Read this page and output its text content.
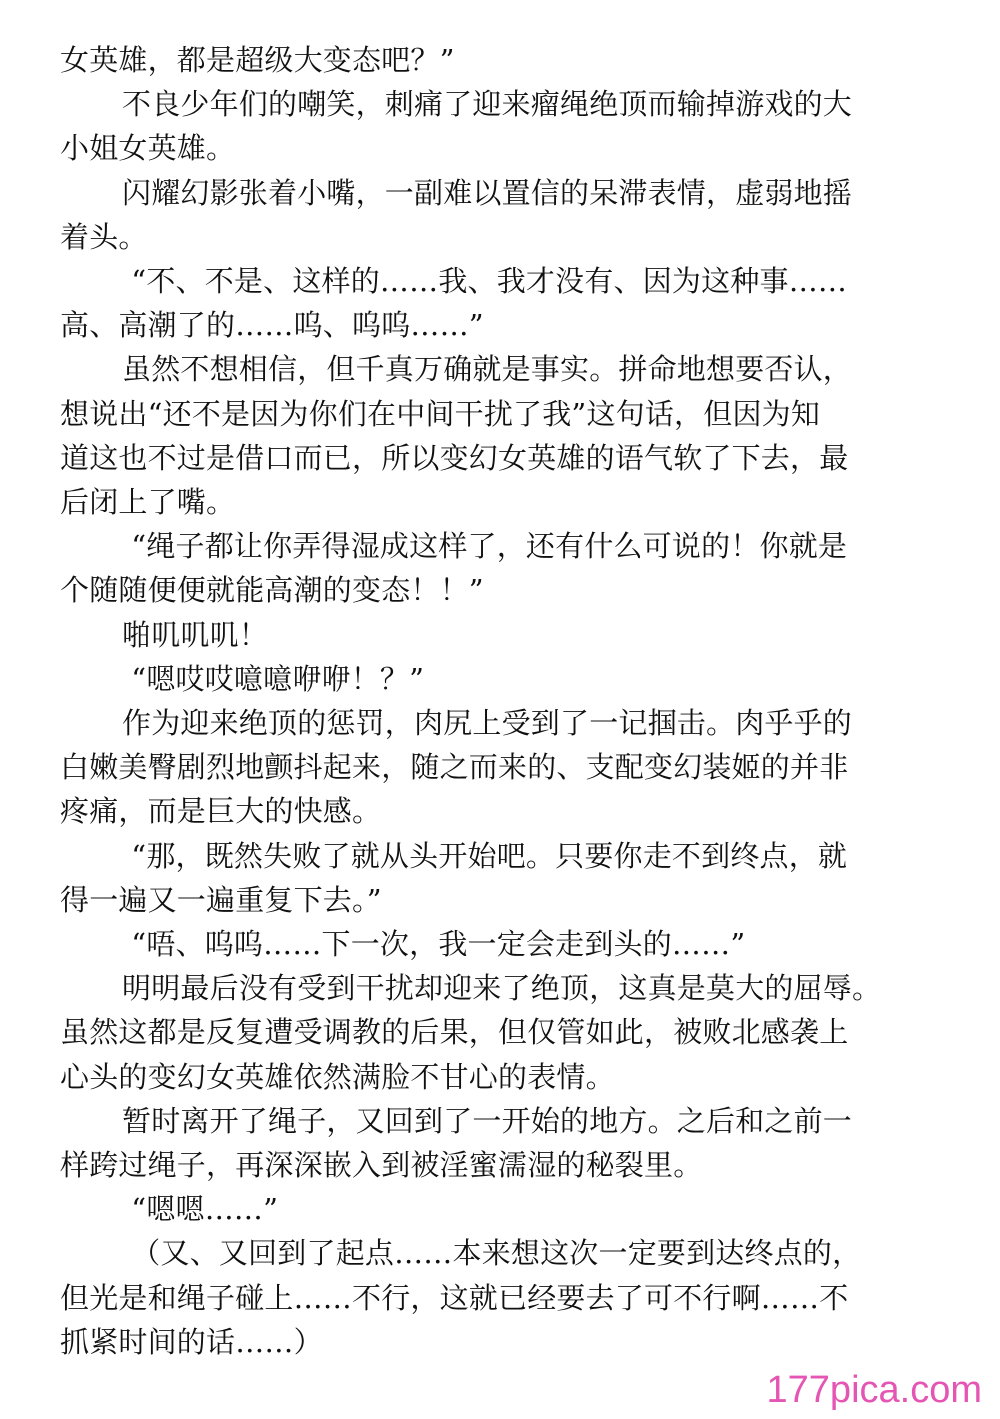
女英雄，都是超级大变态吧？”
不良少年们的嘲笑，刺痛了迎来瘤绳绝顶而输掉游戏的大
小姐女英雄。
闪耀幻影张着小嘴，一副难以置信的呆滞表情，虚弱地摇
着头。
“不、不是、这样的……我、我才没有、因为这种事……
高、高潮了的……呜、呜呜……”
虽然不想相信，但千真万确就是事实。拼命地想要否认，
想说出“还不是因为你们在中间干扰了我”这句话，但因为知
道这也不过是借口而已，所以变幻女英雄的语气软了下去，最
后闭上了嘴。
“绳子都让你弄得湿成这样了，还有什么可说的！你就是
个随随便便就能高潮的变态！！”
啪叽叽叽！
“嗯哎哎噫噫咿咿！？”
作为迎来绝顶的惩罚，肉尻上受到了一记掴击。肉乎乎的
白嫩美臀剧烈地颤抖起来，随之而来的、支配变幻装姬的并非
疼痛，而是巨大的快感。
“那，既然失败了就从头开始吧。只要你走不到终点，就
得一遍又一遍重复下去。”
“唔、呜呜……下一次，我一定会走到头的……”
明明最后没有受到干扰却迎来了绝顶，这真是莫大的屈辱。
虽然这都是反复遭受调教的后果，但仅管如此，被败北感袭上
心头的变幻女英雄依然满脸不甘心的表情。
暂时离开了绳子，又回到了一开始的地方。之后和之前一
样跨过绳子，再深深嵌入到被淫蜜濡湿的秘裂里。
“嗯嗯……”
（又、又回到了起点……本来想这次一定要到达终点的，
但光是和绳子碰上……不行，这就已经要去了可不行啊……不
抓紧时间的话……）
177pica.com
